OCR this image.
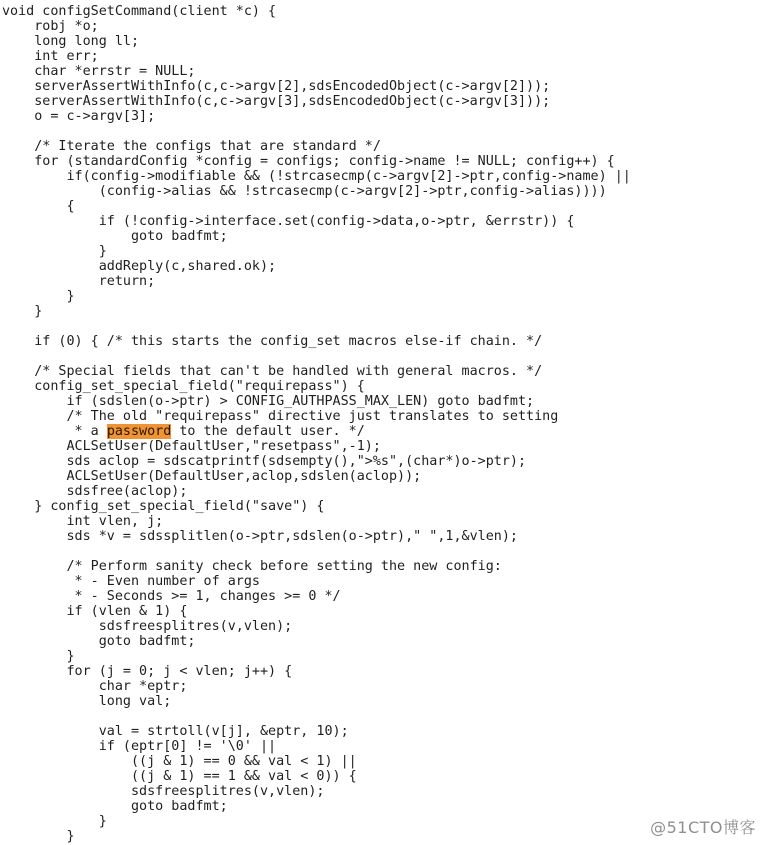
void configSetCommand(client *c) {
robj *o;
long long ll;
int err;
char *errstr = NULL;
serverAssertWithInfo(c,c->argv[2],sdsEncodedObject(c->argv[2]));
serverAssertWithInfo(c,c->argv[3],sdsEncodedObject(c->argv[3]));
o = c->argv[3];
/* Iterate the configs that are standard */
for (standardConfig *config = configs; config->name != NULL; config++) {
if(config->modifiable && (!strcasecmp(c->argv[2]->ptr,config->name) ||
(config->alias && !strcasecmp(c->argv[2]->ptr,config->alias))))
{
if (!config->interface.set(config->data,o->ptr, &errstr)) {
goto badfmt;
}
addReply(c,shared.ok);
return;
}
}
if (0) { /* this starts the config_set macros else-if chain. */
/* Special fields that can't be handled with general macros. */
config_set_special_field("requirepass") {
if (sdslen(o->ptr) > CONFIG_AUTHPASS_MAX_LEN) goto badfmt;
/* The old "requirepass" directive just translates to setting
* a password to the default user. */
ACLSetUser(DefaultUser,"resetpass",-1);
sds aclop = sdscatprintf(sdsempty(),">%s",(char*)o->ptr);
ACLSetUser(DefaultUser,aclop,sdslen(aclop));
sdsfree(aclop);
} config_set_special_field("save") {
int vlen, j;
sds *v = sdssplitlen(o->ptr,sdslen(o->ptr)," ",1,&vlen);
/* Perform sanity check before setting the new config:
* - Even number of args
* - Seconds >= 1, changes >= 0 */
if (vlen & 1) {
sdsfreesplitres(v,vlen);
goto badfmt;
}
for (j = 0; j < vlen; j++) {
char *eptr;
long val;
val = strtoll(v[j], &eptr, 10);
if (eptr[0] != '\0' ||
((j & 1) == 0 && val < 1) ||
((j & 1) == 1 && val < 0)) {
sdsfreesplitres(v,vlen);
goto badfmt;
}
}	@51CTO博客
